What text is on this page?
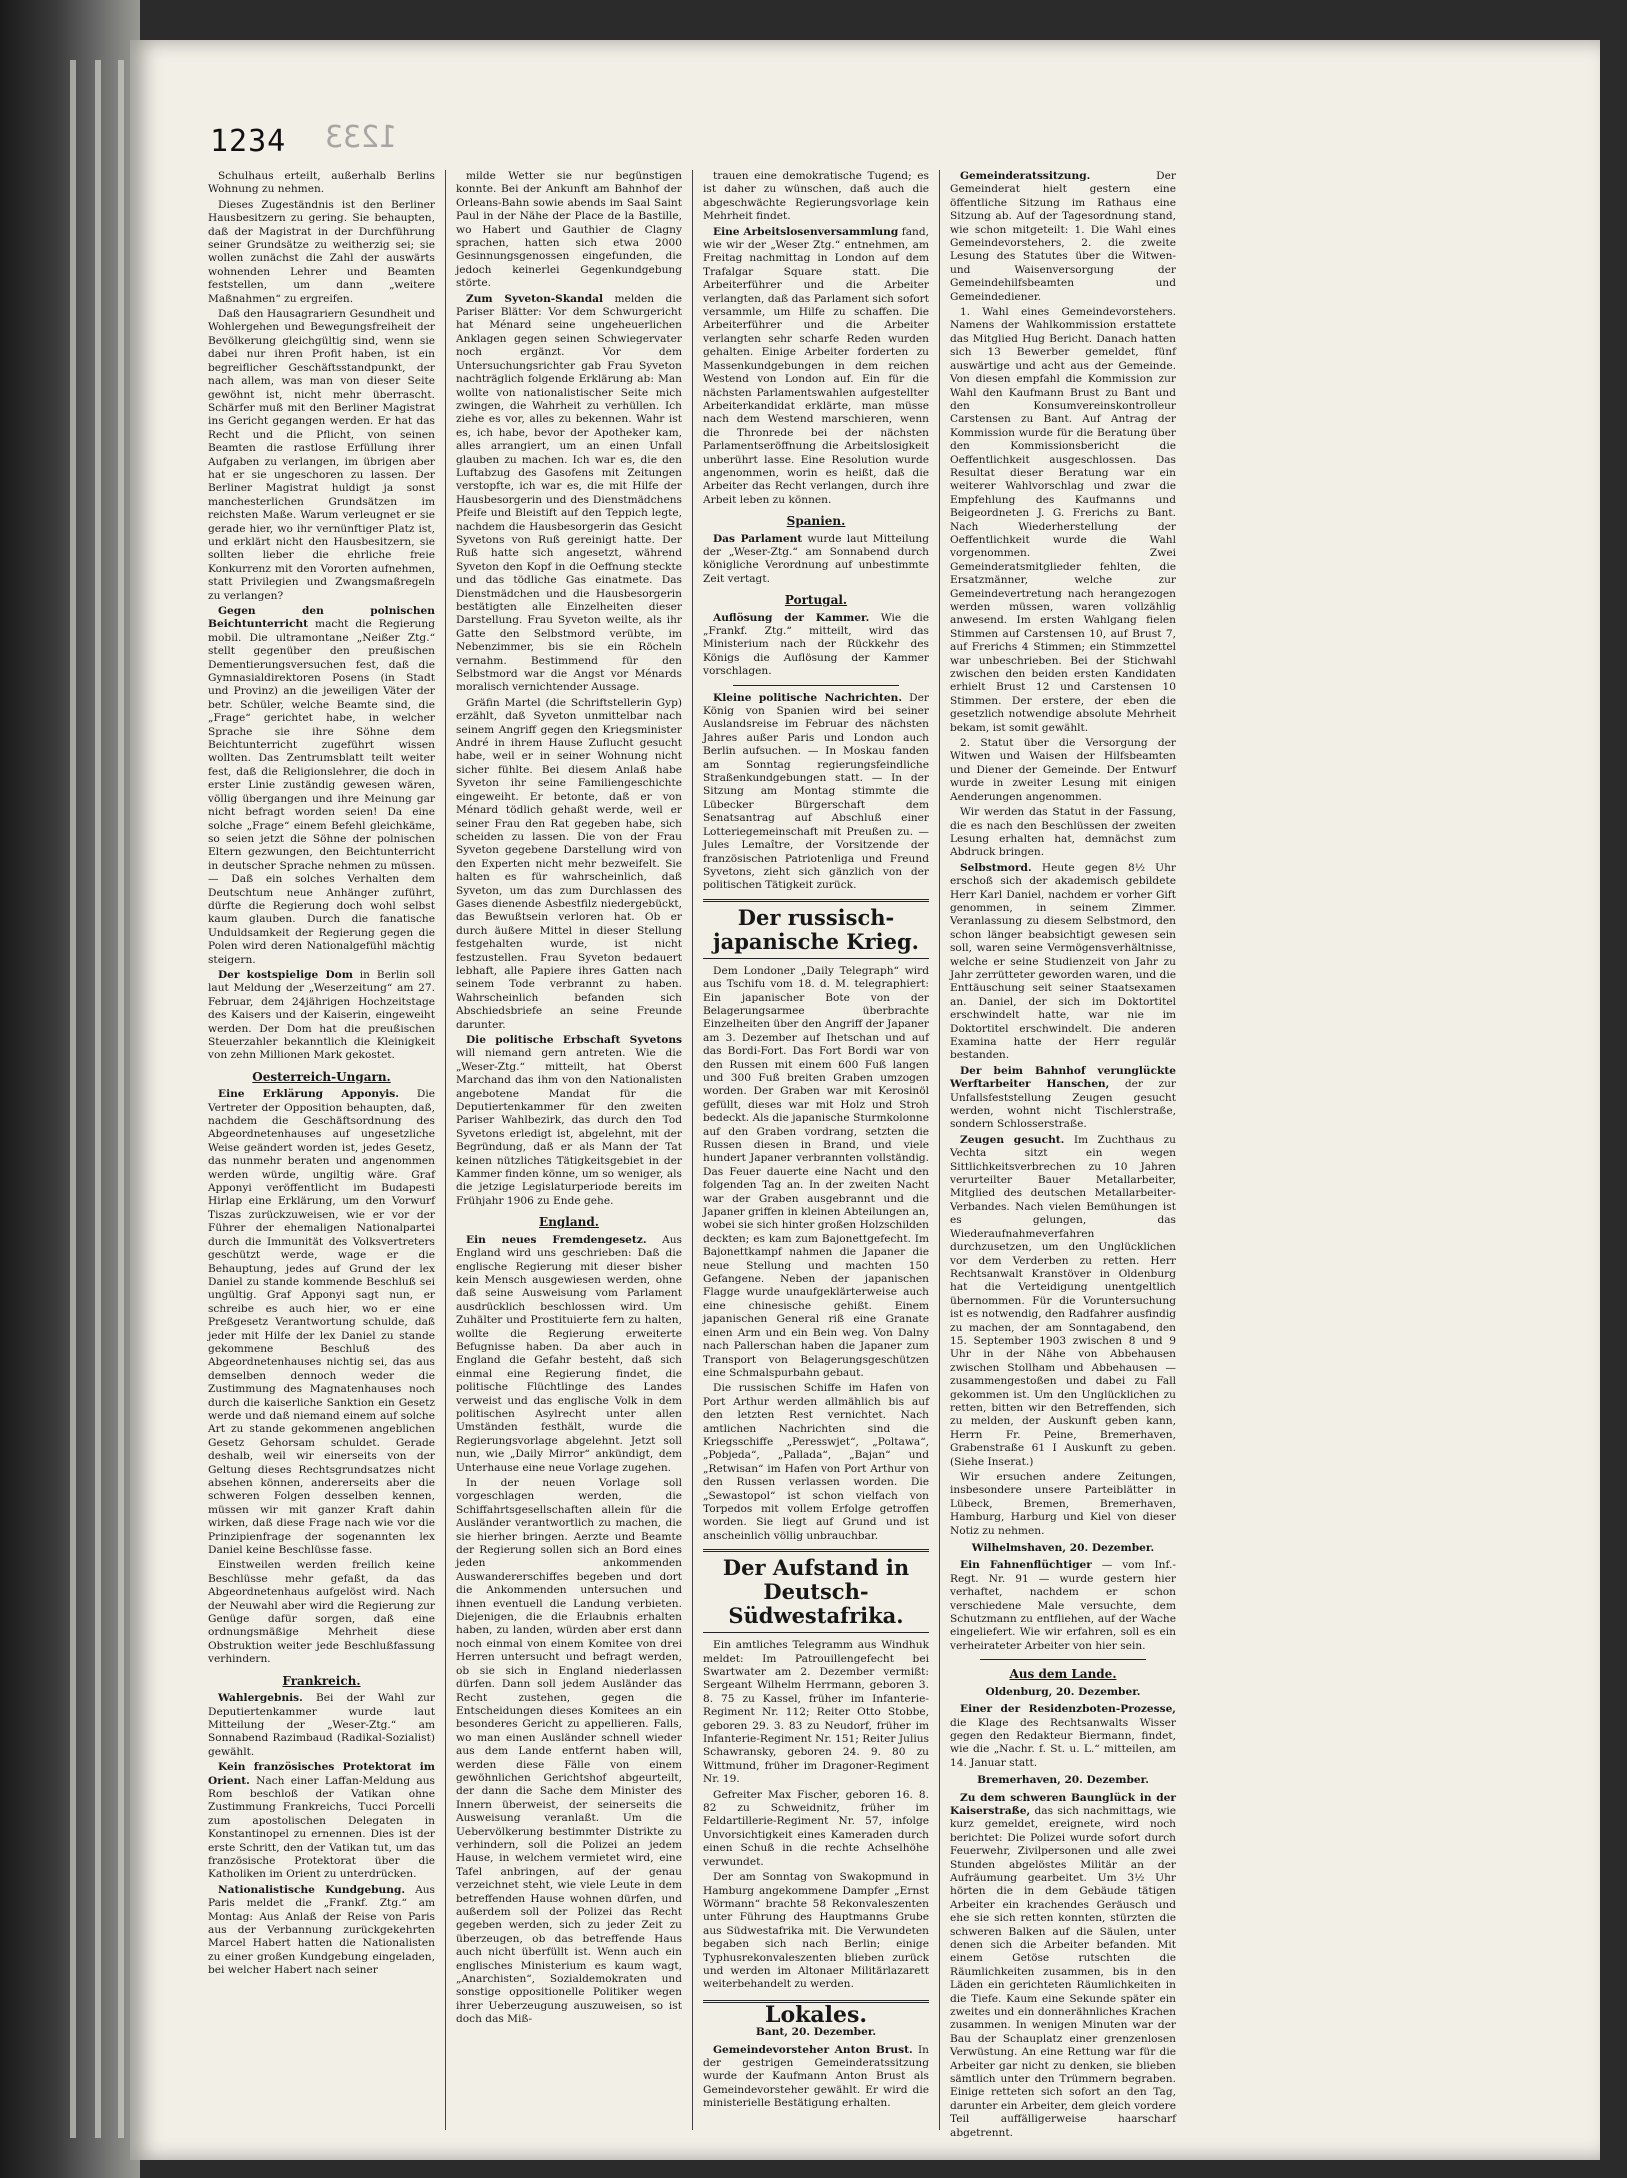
1234 1233

Schulhaus erteilt, außerhalb Berlins Wohnung zu nehmen.

Dieses Zugeständnis ist den Berliner Hausbesitzern zu gering. Sie behaupten, daß der Magistrat in der Durchführung seiner Grundsätze zu weitherzig sei; sie wollen zunächst die Zahl der auswärts wohnenden Lehrer und Beamten feststellen, um dann „weitere Maßnahmen“ zu ergreifen.

Daß den Hausagrariern Gesundheit und Wohlergehen und Bewegungsfreiheit der Bevölkerung gleichgültig sind, wenn sie dabei nur ihren Profit haben, ist ein begreiflicher Geschäftsstandpunkt, der nach allem, was man von dieser Seite gewöhnt ist, nicht mehr überrascht. Schärfer muß mit den Berliner Magistrat ins Gericht gegangen werden. Er hat das Recht und die Pflicht, von seinen Beamten die rastlose Erfüllung ihrer Aufgaben zu verlangen, im übrigen aber hat er sie ungeschoren zu lassen. Der Berliner Magistrat huldigt ja sonst manchesterlichen Grundsätzen im reichsten Maße. Warum verleugnet er sie gerade hier, wo ihr vernünftiger Platz ist, und erklärt nicht den Hausbesitzern, sie sollten lieber die ehrliche freie Konkurrenz mit den Vororten aufnehmen, statt Privilegien und Zwangsmaßregeln zu verlangen?

Gegen den polnischen Beichtunterricht macht die Regierung mobil. Die ultramontane „Neißer Ztg.“ stellt gegenüber den preußischen Dementierungsversuchen fest, daß die Gymnasialdirektoren Posens (in Stadt und Provinz) an die jeweiligen Väter der betr. Schüler, welche Beamte sind, die „Frage“ gerichtet habe, in welcher Sprache sie ihre Söhne dem Beichtunterricht zugeführt wissen wollten. Das Zentrumsblatt teilt weiter fest, daß die Religionslehrer, die doch in erster Linie zuständig gewesen wären, völlig übergangen und ihre Meinung gar nicht befragt worden seien! Da eine solche „Frage“ einem Befehl gleichkäme, so seien jetzt die Söhne der polnischen Eltern gezwungen, den Beichtunterricht in deutscher Sprache nehmen zu müssen. — Daß ein solches Verhalten dem Deutschtum neue Anhänger zuführt, dürfte die Regierung doch wohl selbst kaum glauben. Durch die fanatische Unduldsamkeit der Regierung gegen die Polen wird deren Nationalgefühl mächtig steigern.

Der kostspielige Dom in Berlin soll laut Meldung der „Weserzeitung“ am 27. Februar, dem 24jährigen Hochzeitstage des Kaisers und der Kaiserin, eingeweiht werden. Der Dom hat die preußischen Steuerzahler bekanntlich die Kleinigkeit von zehn Millionen Mark gekostet.

Oesterreich-Ungarn.

Eine Erklärung Apponyis. Die Vertreter der Opposition behaupten, daß, nachdem die Geschäftsordnung des Abgeordnetenhauses auf ungesetzliche Weise geändert worden ist, jedes Gesetz, das nunmehr beraten und angenommen werden würde, ungiltig wäre. Graf Apponyi veröffentlicht im Budapesti Hirlap eine Erklärung, um den Vorwurf Tiszas zurückzuweisen, wie er vor der Führer der ehemaligen Nationalpartei durch die Immunität des Volksvertreters geschützt werde, wage er die Behauptung, jedes auf Grund der lex Daniel zu stande kommende Beschluß sei ungültig. Graf Apponyi sagt nun, er schreibe es auch hier, wo er eine Preßgesetz Verantwortung schulde, daß jeder mit Hilfe der lex Daniel zu stande gekommene Beschluß des Abgeordnetenhauses nichtig sei, das aus demselben dennoch weder die Zustimmung des Magnatenhauses noch durch die kaiserliche Sanktion ein Gesetz werde und daß niemand einem auf solche Art zu stande gekommenen angeblichen Gesetz Gehorsam schuldet. Gerade deshalb, weil wir einerseits von der Geltung dieses Rechtsgrundsatzes nicht absehen können, andererseits aber die schweren Folgen desselben kennen, müssen wir mit ganzer Kraft dahin wirken, daß diese Frage nach wie vor die Prinzipienfrage der sogenannten lex Daniel keine Beschlüsse fasse.

Einstweilen werden freilich keine Beschlüsse mehr gefaßt, da das Abgeordnetenhaus aufgelöst wird. Nach der Neuwahl aber wird die Regierung zur Genüge dafür sorgen, daß eine ordnungsmäßige Mehrheit diese Obstruktion weiter jede Beschlußfassung verhindern.

Frankreich.

Wahlergebnis. Bei der Wahl zur Deputiertenkammer wurde laut Mitteilung der „Weser-Ztg.“ am Sonnabend Razimbaud (Radikal-Sozialist) gewählt.

Kein französisches Protektorat im Orient. Nach einer Laffan-Meldung aus Rom beschloß der Vatikan ohne Zustimmung Frankreichs, Tucci Porcelli zum apostolischen Delegaten in Konstantinopel zu ernennen. Dies ist der erste Schritt, den der Vatikan tut, um das französische Protektorat über die Katholiken im Orient zu unterdrücken.

Nationalistische Kundgebung. Aus Paris meldet die „Frankf. Ztg.“ am Montag: Aus Anlaß der Reise von Paris aus der Verbannung zurückgekehrten Marcel Habert hatten die Nationalisten zu einer großen Kundgebung eingeladen, bei welcher Habert nach seiner

milde Wetter sie nur begünstigen konnte. Bei der Ankunft am Bahnhof der Orleans-Bahn sowie abends im Saal Saint Paul in der Nähe der Place de la Bastille, wo Habert und Gauthier de Clagny sprachen, hatten sich etwa 2000 Gesinnungsgenossen eingefunden, die jedoch keinerlei Gegenkundgebung störte.

Zum Syveton-Skandal melden die Pariser Blätter: Vor dem Schwurgericht hat Ménard seine ungeheuerlichen Anklagen gegen seinen Schwiegervater noch ergänzt. Vor dem Untersuchungsrichter gab Frau Syveton nachträglich folgende Erklärung ab: Man wollte von nationalistischer Seite mich zwingen, die Wahrheit zu verhüllen. Ich ziehe es vor, alles zu bekennen. Wahr ist es, ich habe, bevor der Apotheker kam, alles arrangiert, um an einen Unfall glauben zu machen. Ich war es, die den Luftabzug des Gasofens mit Zeitungen verstopfte, ich war es, die mit Hilfe der Hausbesorgerin und des Dienstmädchens Pfeife und Bleistift auf den Teppich legte, nachdem die Hausbesorgerin das Gesicht Syvetons von Ruß gereinigt hatte. Der Ruß hatte sich angesetzt, während Syveton den Kopf in die Oeffnung steckte und das tödliche Gas einatmete. Das Dienstmädchen und die Hausbesorgerin bestätigten alle Einzelheiten dieser Darstellung. Frau Syveton weilte, als ihr Gatte den Selbstmord verübte, im Nebenzimmer, bis sie ein Röcheln vernahm. Bestimmend für den Selbstmord war die Angst vor Ménards moralisch vernichtender Aussage.

Gräfin Martel (die Schriftstellerin Gyp) erzählt, daß Syveton unmittelbar nach seinem Angriff gegen den Kriegsminister André in ihrem Hause Zuflucht gesucht habe, weil er in seiner Wohnung nicht sicher fühlte. Bei diesem Anlaß habe Syveton ihr seine Familiengeschichte eingeweiht. Er betonte, daß er von Ménard tödlich gehaßt werde, weil er seiner Frau den Rat gegeben habe, sich scheiden zu lassen. Die von der Frau Syveton gegebene Darstellung wird von den Experten nicht mehr bezweifelt. Sie halten es für wahrscheinlich, daß Syveton, um das zum Durchlassen des Gases dienende Asbestfilz niedergebückt, das Bewußtsein verloren hat. Ob er durch äußere Mittel in dieser Stellung festgehalten wurde, ist nicht festzustellen. Frau Syveton bedauert lebhaft, alle Papiere ihres Gatten nach seinem Tode verbrannt zu haben. Wahrscheinlich befanden sich Abschiedsbriefe an seine Freunde darunter.

Die politische Erbschaft Syvetons will niemand gern antreten. Wie die „Weser-Ztg.“ mitteilt, hat Oberst Marchand das ihm von den Nationalisten angebotene Mandat für die Deputiertenkammer für den zweiten Pariser Wahlbezirk, das durch den Tod Syvetons erledigt ist, abgelehnt, mit der Begründung, daß er als Mann der Tat keinen nützliches Tätigkeitsgebiet in der Kammer finden könne, um so weniger, als die jetzige Legislaturperiode bereits im Frühjahr 1906 zu Ende gehe.

England.

Ein neues Fremdengesetz. Aus England wird uns geschrieben: Daß die englische Regierung mit dieser bisher kein Mensch ausgewiesen werden, ohne daß seine Ausweisung vom Parlament ausdrücklich beschlossen wird. Um Zuhälter und Prostituierte fern zu halten, wollte die Regierung erweiterte Befugnisse haben. Da aber auch in England die Gefahr besteht, daß sich einmal eine Regierung findet, die politische Flüchtlinge des Landes verweist und das englische Volk in dem politischen Asylrecht unter allen Umständen festhält, wurde die Regierungsvorlage abgelehnt. Jetzt soll nun, wie „Daily Mirror“ ankündigt, dem Unterhause eine neue Vorlage zugehen.

In der neuen Vorlage soll vorgeschlagen werden, die Schiffahrtsgesellschaften allein für die Ausländer verantwortlich zu machen, die sie hierher bringen. Aerzte und Beamte der Regierung sollen sich an Bord eines jeden ankommenden Auswandererschiffes begeben und dort die Ankommenden untersuchen und ihnen eventuell die Landung verbieten. Diejenigen, die die Erlaubnis erhalten haben, zu landen, würden aber erst dann noch einmal von einem Komitee von drei Herren untersucht und befragt werden, ob sie sich in England niederlassen dürfen. Dann soll jedem Ausländer das Recht zustehen, gegen die Entscheidungen dieses Komitees an ein besonderes Gericht zu appellieren. Falls, wo man einen Ausländer schnell wieder aus dem Lande entfernt haben will, werden diese Fälle von einem gewöhnlichen Gerichtshof abgeurteilt, der dann die Sache dem Minister des Innern überweist, der seinerseits die Ausweisung veranlaßt. Um die Uebervölkerung bestimmter Distrikte zu verhindern, soll die Polizei an jedem Hause, in welchem vermietet wird, eine Tafel anbringen, auf der genau verzeichnet steht, wie viele Leute in dem betreffenden Hause wohnen dürfen, und außerdem soll der Polizei das Recht gegeben werden, sich zu jeder Zeit zu überzeugen, ob das betreffende Haus auch nicht überfüllt ist. Wenn auch ein englisches Ministerium es kaum wagt, „Anarchisten“, Sozialdemokraten und sonstige oppositionelle Politiker wegen ihrer Ueberzeugung auszuweisen, so ist doch das Miß-

trauen eine demokratische Tugend; es ist daher zu wünschen, daß auch die abgeschwächte Regierungsvorlage kein Mehrheit findet.

Eine Arbeitslosenversammlung fand, wie wir der „Weser Ztg.“ entnehmen, am Freitag nachmittag in London auf dem Trafalgar Square statt. Die Arbeiterführer und die Arbeiter verlangten, daß das Parlament sich sofort versammle, um Hilfe zu schaffen. Die Arbeiterführer und die Arbeiter verlangten sehr scharfe Reden wurden gehalten. Einige Arbeiter forderten zu Massenkundgebungen in dem reichen Westend von London auf. Ein für die nächsten Parlamentswahlen aufgestellter Arbeiterkandidat erklärte, man müsse nach dem Westend marschieren, wenn die Thronrede bei der nächsten Parlamentseröffnung die Arbeitslosigkeit unberührt lasse. Eine Resolution wurde angenommen, worin es heißt, daß die Arbeiter das Recht verlangen, durch ihre Arbeit leben zu können.

Spanien.

Das Parlament wurde laut Mitteilung der „Weser-Ztg.“ am Sonnabend durch königliche Verordnung auf unbestimmte Zeit vertagt.

Portugal.

Auflösung der Kammer. Wie die „Frankf. Ztg.“ mitteilt, wird das Ministerium nach der Rückkehr des Königs die Auflösung der Kammer vorschlagen.

Kleine politische Nachrichten. Der König von Spanien wird bei seiner Auslandsreise im Februar des nächsten Jahres außer Paris und London auch Berlin aufsuchen. — In Moskau fanden am Sonntag regierungsfeindliche Straßenkundgebungen statt. — In der Sitzung am Montag stimmte die Lübecker Bürgerschaft dem Senatsantrag auf Abschluß einer Lotteriegemeinschaft mit Preußen zu. — Jules Lemaître, der Vorsitzende der französischen Patriotenliga und Freund Syvetons, zieht sich gänzlich von der politischen Tätigkeit zurück.

Der russisch-japanische Krieg.

Dem Londoner „Daily Telegraph“ wird aus Tschifu vom 18. d. M. telegraphiert: Ein japanischer Bote von der Belagerungsarmee überbrachte Einzelheiten über den Angriff der Japaner am 3. Dezember auf Ihetschan und auf das Bordi-Fort. Das Fort Bordi war von den Russen mit einem 600 Fuß langen und 300 Fuß breiten Graben umzogen worden. Der Graben war mit Kerosinöl gefüllt, dieses war mit Holz und Stroh bedeckt. Als die japanische Sturmkolonne auf den Graben vordrang, setzten die Russen diesen in Brand, und viele hundert Japaner verbrannten vollständig. Das Feuer dauerte eine Nacht und den folgenden Tag an. In der zweiten Nacht war der Graben ausgebrannt und die Japaner griffen in kleinen Abteilungen an, wobei sie sich hinter großen Holzschilden deckten; es kam zum Bajonettgefecht. Im Bajonettkampf nahmen die Japaner die neue Stellung und machten 150 Gefangene. Neben der japanischen Flagge wurde unaufgeklärterweise auch eine chinesische gehißt. Einem japanischen General riß eine Granate einen Arm und ein Bein weg. Von Dalny nach Pallerschan haben die Japaner zum Transport von Belagerungsgeschützen eine Schmalspurbahn gebaut.

Die russischen Schiffe im Hafen von Port Arthur werden allmählich bis auf den letzten Rest vernichtet. Nach amtlichen Nachrichten sind die Kriegsschiffe „Peresswjet“, „Poltawa“, „Pobjeda“, „Pallada“, „Bajan“ und „Retwisan“ im Hafen von Port Arthur von den Russen verlassen worden. Die „Sewastopol“ ist schon vielfach von Torpedos mit vollem Erfolge getroffen worden. Sie liegt auf Grund und ist anscheinlich völlig unbrauchbar.

Der Aufstand in Deutsch-Südwestafrika.

Ein amtliches Telegramm aus Windhuk meldet: Im Patrouillengefecht bei Swartwater am 2. Dezember vermißt: Sergeant Wilhelm Herrmann, geboren 3. 8. 75 zu Kassel, früher im Infanterie-Regiment Nr. 112; Reiter Otto Stobbe, geboren 29. 3. 83 zu Neudorf, früher im Infanterie-Regiment Nr. 151; Reiter Julius Schawransky, geboren 24. 9. 80 zu Wittmund, früher im Dragoner-Regiment Nr. 19.

Gefreiter Max Fischer, geboren 16. 8. 82 zu Schweidnitz, früher im Feldartillerie-Regiment Nr. 57, infolge Unvorsichtigkeit eines Kameraden durch einen Schuß in die rechte Achselhöhe verwundet.

Der am Sonntag von Swakopmund in Hamburg angekommene Dampfer „Ernst Wörmann“ brachte 58 Rekonvaleszenten unter Führung des Hauptmanns Grube aus Südwestafrika mit. Die Verwundeten begaben sich nach Berlin; einige Typhusrekonvaleszenten blieben zurück und werden im Altonaer Militärlazarett weiterbehandelt zu werden.

Lokales.
Bant, 20. Dezember.

Gemeindevorsteher Anton Brust. In der gestrigen Gemeinderatssitzung wurde der Kaufmann Anton Brust als Gemeindevorsteher gewählt. Er wird die ministerielle Bestätigung erhalten.

Gemeinderatssitzung.	Der Gemeinderat hielt gestern eine öffentliche Sitzung im Rathaus eine Sitzung ab. Auf der Tagesordnung stand, wie schon mitgeteilt: 1. Die Wahl eines Gemeindevorstehers, 2. die zweite Lesung des Statutes über die Witwen- und Waisenversorgung der Gemeindehilfsbeamten und Gemeindediener.

1. Wahl eines Gemeindevorstehers. Namens der Wahlkommission erstattete das Mitglied Hug Bericht. Danach hatten sich 13 Bewerber gemeldet, fünf auswärtige und acht aus der Gemeinde. Von diesen empfahl die Kommission zur Wahl den Kaufmann Brust zu Bant und den Konsumvereinskontrolleur Carstensen zu Bant. Auf Antrag der Kommission wurde für die Beratung über den Kommissionsbericht die Oeffentlichkeit ausgeschlossen. Das Resultat dieser Beratung war ein weiterer Wahlvorschlag und zwar die Empfehlung des Kaufmanns und Beigeordneten J. G. Frerichs zu Bant. Nach Wiederherstellung der Oeffentlichkeit wurde die Wahl vorgenommen. Zwei Gemeinderatsmitglieder fehlten, die Ersatzmänner, welche zur Gemeindevertretung nach herangezogen werden müssen, waren vollzählig anwesend. Im ersten Wahlgang fielen Stimmen auf Carstensen 10, auf Brust 7, auf Frerichs 4 Stimmen; ein Stimmzettel war unbeschrieben. Bei der Stichwahl zwischen den beiden ersten Kandidaten erhielt Brust 12 und Carstensen 10 Stimmen. Der erstere, der eben die gesetzlich notwendige absolute Mehrheit bekam, ist somit gewählt.

2. Statut über die Versorgung der Witwen und Waisen der Hilfsbeamten und Diener der Gemeinde. Der Entwurf wurde in zweiter Lesung mit einigen Aenderungen angenommen.

Wir werden das Statut in der Fassung, die es nach den Beschlüssen der zweiten Lesung erhalten hat, demnächst zum Abdruck bringen.

Selbstmord. Heute gegen 8½ Uhr erschoß sich der akademisch gebildete Herr Karl Daniel, nachdem er vorher Gift genommen, in seinem Zimmer. Veranlassung zu diesem Selbstmord, den schon länger beabsichtigt gewesen sein soll, waren seine Vermögensverhältnisse, welche er seine Studienzeit von Jahr zu Jahr zerrütteter geworden waren, und die Enttäuschung seit seiner Staatsexamen an. Daniel, der sich im Doktortitel erschwindelt hatte, war nie im Doktortitel erschwindelt. Die anderen Examina hatte der Herr regulär bestanden.

Der beim Bahnhof verunglückte Werftarbeiter Hanschen, der zur Unfallsfeststellung Zeugen gesucht werden, wohnt nicht Tischlerstraße, sondern Schlosserstraße.

Zeugen gesucht. Im Zuchthaus zu Vechta sitzt ein wegen Sittlichkeitsverbrechen zu 10 Jahren verurteilter Bauer Metallarbeiter, Mitglied des deutschen Metallarbeiter-Verbandes. Nach vielen Bemühungen ist es gelungen, das Wiederaufnahmeverfahren durchzusetzen, um den Unglücklichen vor dem Verderben zu retten. Herr Rechtsanwalt Kranstöver in Oldenburg hat die Verteidigung unentgeltlich übernommen. Für die Voruntersuchung ist es notwendig, den Radfahrer ausfindig zu machen, der am Sonntagabend, den 15. September 1903 zwischen 8 und 9 Uhr in der Nähe von Abbehausen zwischen Stollham und Abbehausen — zusammengestoßen und dabei zu Fall gekommen ist. Um den Unglücklichen zu retten, bitten wir den Betreffenden, sich zu melden, der Auskunft geben kann, Herrn Fr. Peine, Bremerhaven, Grabenstraße 61 I Auskunft zu geben. (Siehe Inserat.)

Wir ersuchen andere Zeitungen, insbesondere unsere Parteiblätter in Lübeck, Bremen, Bremerhaven, Hamburg, Harburg und Kiel von dieser Notiz zu nehmen.

Wilhelmshaven, 20. Dezember.

Ein Fahnenflüchtiger — vom Inf.-Regt. Nr. 91 — wurde gestern hier verhaftet, nachdem er schon verschiedene Male versuchte, dem Schutzmann zu entfliehen, auf der Wache eingeliefert. Wie wir erfahren, soll es ein verheirateter Arbeiter von hier sein.

Aus dem Lande.
Oldenburg, 20. Dezember.

Einer der Residenzboten-Prozesse, die Klage des Rechtsanwalts Wisser gegen den Redakteur Biermann, findet, wie die „Nachr. f. St. u. L.“ mitteilen, am 14. Januar statt.

Bremerhaven, 20. Dezember.

Zu dem schweren Baunglück in der Kaiserstraße, das sich nachmittags, wie kurz gemeldet, ereignete, wird noch berichtet: Die Polizei wurde sofort durch Feuerwehr, Zivilpersonen und alle zwei Stunden abgelöstes Militär an der Aufräumung gearbeitet. Um 3½ Uhr hörten die in dem Gebäude tätigen Arbeiter ein krachendes Geräusch und ehe sie sich retten konnten, stürzten die schweren Balken auf die Säulen, unter denen sich die Arbeiter befanden. Mit einem Getöse rutschten die Räumlichkeiten zusammen, bis in den Läden ein gerichteten Räumlichkeiten in die Tiefe. Kaum eine Sekunde später ein zweites und ein donnerähnliches Krachen zusammen. In wenigen Minuten war der Bau der Schauplatz einer grenzenlosen Verwüstung. An eine Rettung war für die Arbeiter gar nicht zu denken, sie blieben sämtlich unter den Trümmern begraben. Einige retteten sich sofort an den Tag, darunter ein Arbeiter, dem gleich vordere Teil auffälligerweise haarscharf abgetrennt.
